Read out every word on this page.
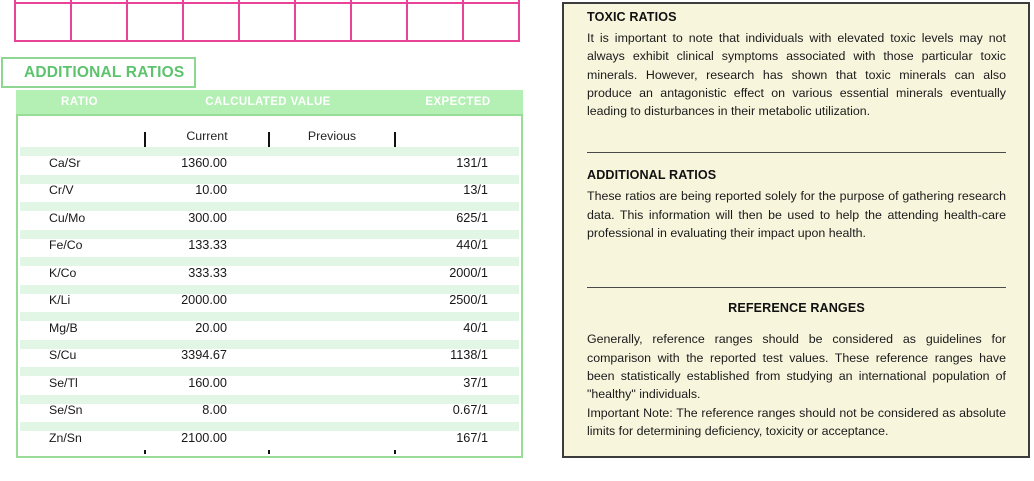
ADDITIONAL RATIOS
RATIO	CALCULATED VALUE	EXPECTED
Current	Previous
Ca/Sr	1360.00	131/1
Cr/V	10.00	13/1
Cu/Mo	300.00	625/1
Fe/Co	133.33	440/1
K/Co	333.33	2000/1
K/Li	2000.00	2500/1
Mg/B	20.00	40/1
S/Cu	3394.67	1138/1
Se/Tl	160.00	37/1
Se/Sn	8.00	0.67/1
Zn/Sn	2100.00	167/1
TOXIC RATIOS

It is important to note that individuals with elevated toxic levels may not always exhibit clinical symptoms associated with those particular toxic minerals. However, research has shown that toxic minerals can also produce an antagonistic effect on various essential minerals eventually leading to disturbances in their metabolic utilization.

ADDITIONAL RATIOS

These ratios are being reported solely for the purpose of gathering research data. This information will then be used to help the attending health-care professional in evaluating their impact upon health.

REFERENCE RANGES

Generally, reference ranges should be considered as guidelines for comparison with the reported test values. These reference ranges have been statistically established from studying an international population of "healthy" individuals.

Important Note: The reference ranges should not be considered as absolute limits for determining deficiency, toxicity or acceptance.
